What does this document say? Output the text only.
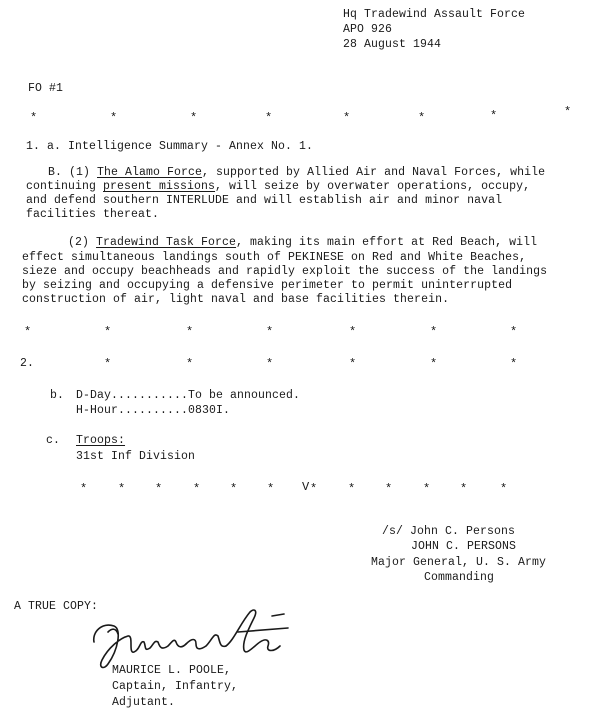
Hq Tradewind Assault Force
APO 926
28 August 1944
FO #1
*	*	*	*	*	*	*	*
1. a. Intelligence Summary - Annex No. 1.
B. (1) The Alamo Force, supported by Allied Air and Naval Forces, while
continuing present missions, will seize by overwater operations, occupy,
and defend southern INTERLUDE and will establish air and minor naval
facilities thereat.
(2) Tradewind Task Force, making its main effort at Red Beach, will
effect simultaneous landings south of PEKINESE on Red and White Beaches,
sieze and occupy beachheads and rapidly exploit the success of the landings
by seizing and occupying a defensive perimeter to permit uninterrupted
construction of air, light naval and base facilities therein.
*	*	*	*	*	*	*
2.	*	*	*	*	*	*
b. D-Day...........To be announced.
H-Hour..........0830I.
c. Troops:
31st Inf Division
*	* *	* * * V *	* *	* *	*
/s/ John C. Persons
JOHN C. PERSONS
Major General, U. S. Army
Commanding
A TRUE COPY:
MAURICE L. POOLE,
Captain, Infantry,
Adjutant.
